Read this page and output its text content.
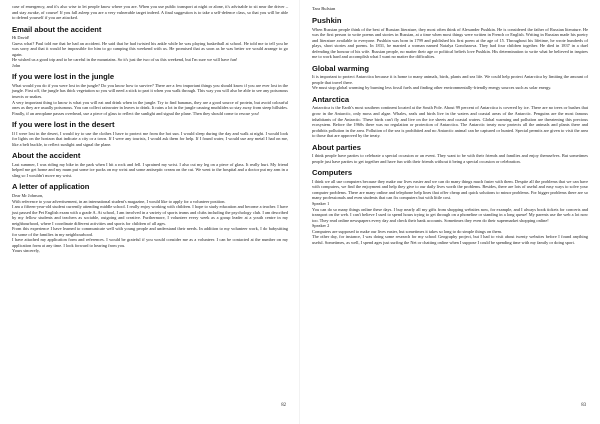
case of emergency, and it's also wise to let people know where you are. When you use public transport at night or alone, it's advisable to sit near the driver – and stay awake, of course! If you fall asleep you are a very vulnerable target indeed. A final suggestion is to take a self-defence class, so that you will be able to defend yourself if you are attacked.

Email about the accident

Hi David!
Guess what? Paul told me that he had an accident. He said that he had twisted his ankle while he was playing basketball at school. He told me to tell you he was sorry and that it would be impossible for him to go camping this weekend with us. He promised that as soon as he was better we would arrange to go again.
He wished us a good trip and to be careful in the mountains. So it's just the two of us this weekend, but I'm sure we will have fun!
John

If you were lost in the jungle

What would you do if you were lost in the jungle? Do you know how to survive? There are a few important things you should know if you are ever lost in the jungle. First off, the jungle has thick vegetation so you will need a stick to part it when you walk through. This way you will also be able to see any poisonous insects or snakes.
A very important thing to know is what you will eat and drink when in the jungle. Try to find bananas, they are a good source of protein, but avoid colourful ones as they are usually poisonous. You can collect rainwater in leaves to drink. It rains a lot in the jungle causing mudslides so stay away from steep hillsides. Finally, if an aeroplane passes overhead, use a piece of glass to reflect the sunlight and signal the plane. Then they should come to rescue you!

If you were lost in the desert

If I were lost in the desert, I would try to use the clothes I have to protect me from the hot sun. I would sleep during the day and walk at night. I would look for lights on the horizon that indicate a city or a town. If I were any tourists, I would ask them for help. If I found water, I would use any metal I had on me, like a belt buckle, to reflect sunlight and signal the plane.

About the accident

Last summer, I was riding my bike in the park when I hit a rock and fell. I sprained my wrist. I also cut my leg on a piece of glass. It really hurt. My friend helped me get home and my mum put some ice packs on my wrist and some antiseptic cream on the cut. We went to the hospital and a doctor put my arm in a sling so I wouldn't move my wrist.

A letter of application

Dear Mr Johnson,
With reference to your advertisement, in an international student's magazine, I would like to apply for a volunteer position.
I am a fifteen-year-old student currently attending middle school. I really enjoy working with children. I hope to study education and become a teacher. I have just passed the Pet English exam with a grade A. At school, I am involved in a variety of sports teams and clubs including the psychology club. I am described by my fellow students and teachers as sociable, outgoing and creative. Furthermore, I volunteer every week as a group leader at a youth centre in my neighbourhood, where I coordinate different activities and sports for children of all ages.
From this experience I have learned to communicate well with young people and understand their needs. In addition to my volunteer work, I do babysitting for some of the families in my neighbourhood.
I have attached my application form and references. I would be grateful if you would consider me as a volunteer. I can be contacted at the number on my application form at any time. I look forward to hearing from you.
Yours sincerely,

82

Tara Bulstan

Pushkin

When Russian people think of the best of Russian literature, they most often think of Alexander Pushkin. He is considered the father of Russian literature. He was the first person to write poems and stories in Russian, at a time when most things were written in French or English. Writing in Russian made his poetry and literature available to everyone. Pushkin was born in 1799 and published his first poem at the age of 15. Throughout his lifetime, he wrote hundreds of plays, short stories and poems. In 1831, he married a woman named Natalya Goncharova. They had four children together. He died in 1837 in a duel defending the honour of his wife. Russian people, no matter their age or political beliefs love Pushkin. His determination to write what he believed in inspires me to work hard and accomplish what I want no matter the difficulties.

Global warming

It is important to protect Antarctica because it is home to many animals, birds, plants and sea life. We could help protect Antarctica by limiting the amount of people that travel there.
We must stop global warming by burning less fossil fuels and finding other environmentally-friendly energy sources such as solar energy.

Antarctica

Antarctica is the Earth's most southern continent located at the South Pole. About 99 percent of Antarctica is covered by ice. There are no trees or bushes that grow in the Antarctic, only moss and algae. Whales, seals and birds live in the waters and coastal areas of the Antarctic. Penguins are the most famous inhabitants of the Antarctic. These birds can't fly and live on the ice sheets and coastal waters. Global warming and pollution are threatening this precious ecosystem. Before the 1960s there was no regulation or protection of Antarctica. The Antarctic treaty now protects all the animals and plants there and prohibits pollution in the area. Pollution of the sea is prohibited and no Antarctic animal can be captured or hunted. Special permits are given to visit the area to those that are approved by the treaty.

About parties

I think people have parties to celebrate a special occasion or an event. They want to be with their friends and families and enjoy themselves. But sometimes people just have parties to get together and have fun with their friends without it being a special occasion or celebration.

Computers

I think we all use computers because they make our lives easier and we can do many things much faster with them. Despite all the problems that we can have with computers, we find the enjoyment and help they give to our daily lives worth the problems. Besides, there are lots of useful and easy ways to solve your computer problems. There are many online and telephone help lines that offer cheap and quick solutions to minor problems. For bigger problems there are so many professionals and even students that can fix computers but with little cost.
Speaker 1
You can do so many things online these days. I buy nearly all my gifts from shopping websites now, for example, and I always book tickets for concerts and transport on the web. I can't believe I used to spend hours trying to get through on a phoneline or standing in a long queue! My parents use the web a lot now too. They read online newspapers every day and check their bank accounts. Sometimes they even do their supermarket shopping online!
Speaker 2
Computers are supposed to make our lives easier, but sometimes it takes so long to do simple things on them.
The other day, for instance, I was doing some research for my school Geography project, but I had to visit about twenty websites before I found anything useful. Sometimes, as well, I spend ages just surfing the Net or chatting online when I suppose I could be spending time with my family or doing sport.

83
